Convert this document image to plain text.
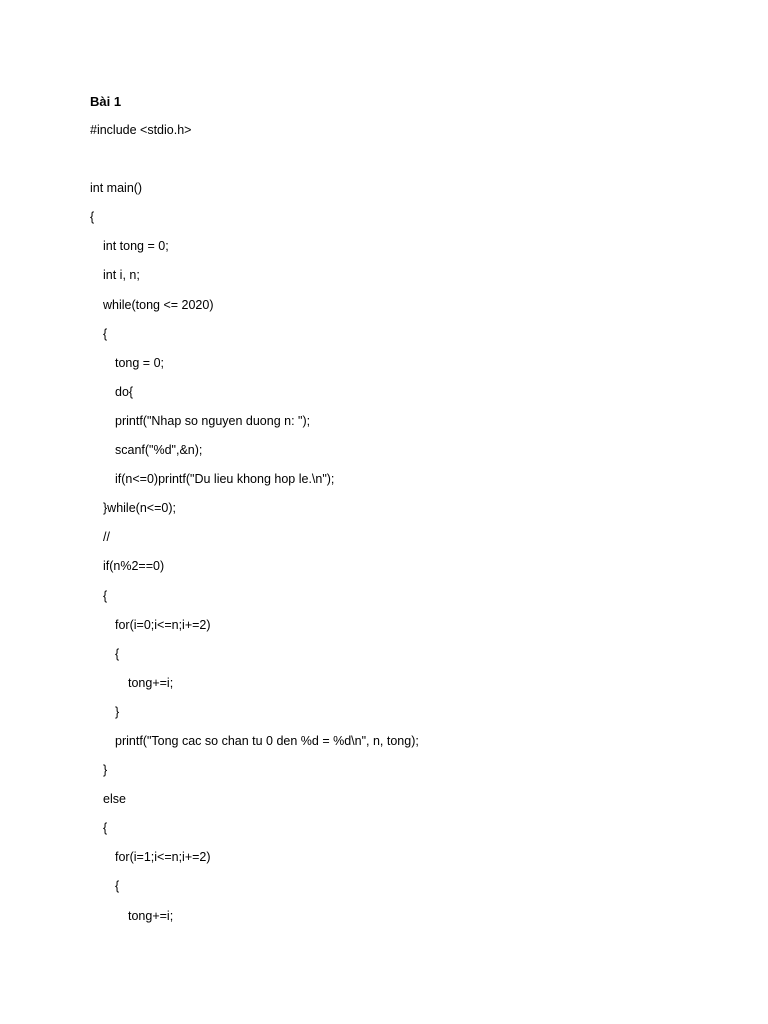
Bài 1
#include <stdio.h>
int main()
{
int tong = 0;
int i, n;
while(tong <= 2020)
{
tong = 0;
do{
printf("Nhap so nguyen duong n: ");
scanf("%d",&n);
if(n<=0)printf("Du lieu khong hop le.\n");
}while(n<=0);
//
if(n%2==0)
{
for(i=0;i<=n;i+=2)
{
tong+=i;
}
printf("Tong cac so chan tu 0 den %d = %d\n", n, tong);
}
else
{
for(i=1;i<=n;i+=2)
{
tong+=i;
